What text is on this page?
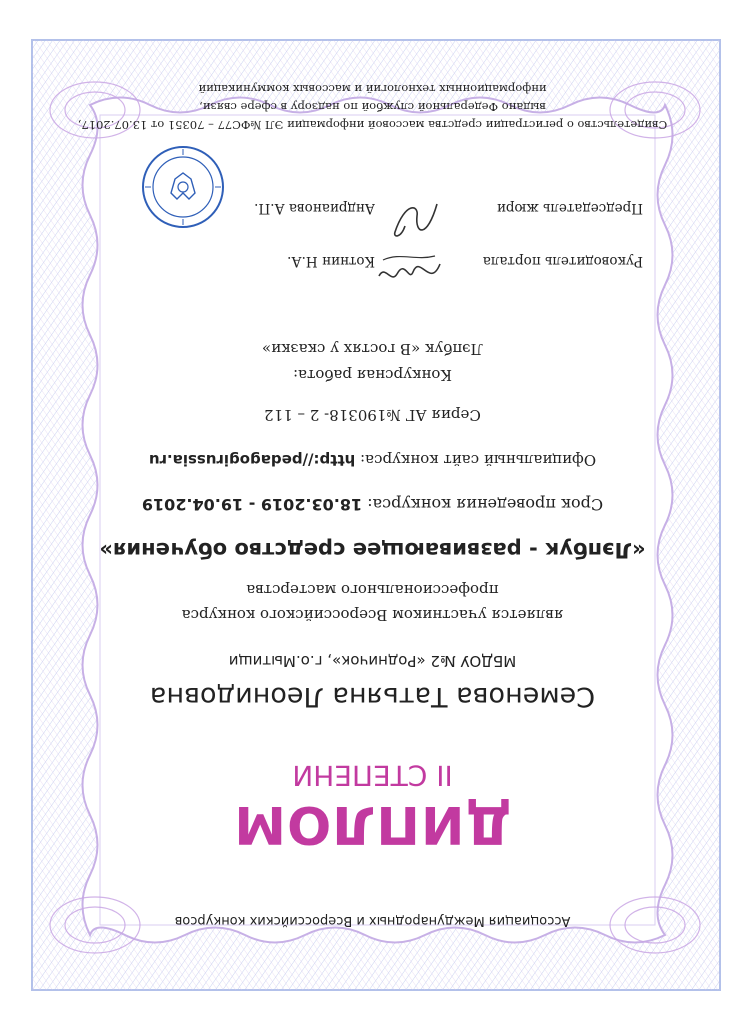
Ассоциация Международных и Всероссийских конкурсов
ДИПЛОМ
II СТЕПЕНИ
Семенова Татьяна Леонидовна
МБДОУ №2 «Родничок», г.о.Мытищи
является участником Всероссийского конкурса
профессионального мастерства
«Лэпбук - развивающее средство обучения»
Срок проведения конкурса: 18.03.2019 - 19.04.2019
Официальный сайт конкурса: http://pedagogirussia.ru
Серия АГ №190318- 2 – 112
Конкурсная работа:
Лэпбук «В гостях у сказки»
Руководитель портала
Котнин Н.А.
Председатель жюри
Андрианова А.П.
Свидетельство о регистрации средства массовой информации ЭЛ №ФС77 – 70351 от 13.07.2017,
выдано Федеральной службой по надзору в сфере связи,
информационных технологий и массовых коммуникаций
